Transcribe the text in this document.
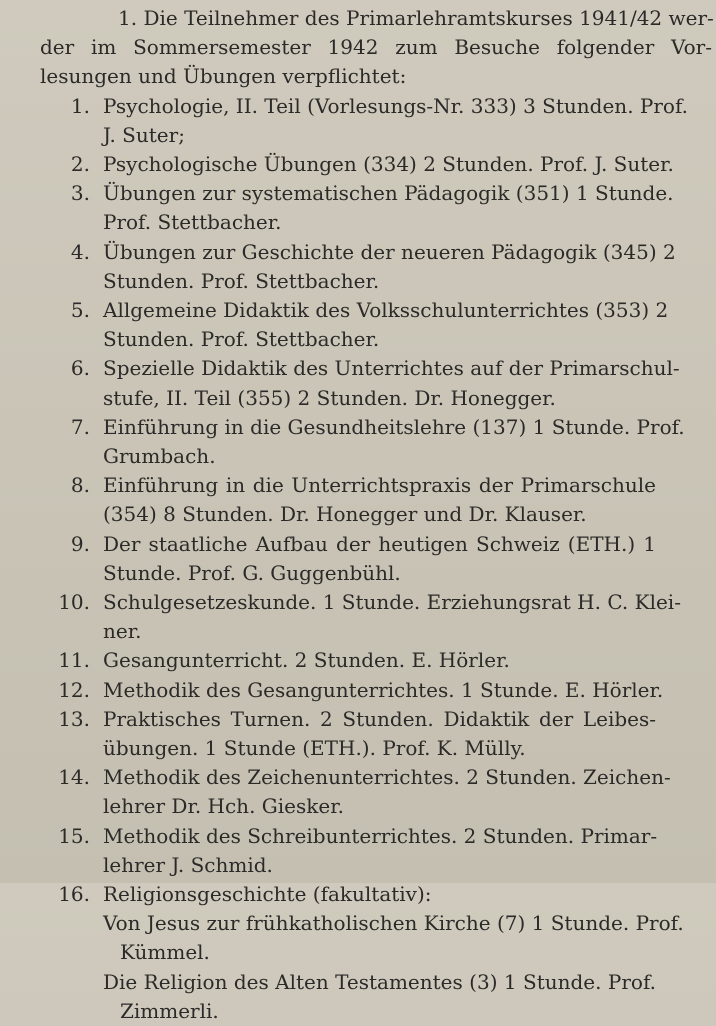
1. Die Teilnehmer des Primarlehramtskurses 1941/42 wer-
der im Sommersemester 1942 zum Besuche folgender Vor-
lesungen und Übungen verpflichtet:
1. Psychologie, II. Teil (Vorlesungs-Nr. 333) 3 Stunden. Prof.
J. Suter;
2. Psychologische Übungen (334) 2 Stunden. Prof. J. Suter.
3. Übungen zur systematischen Pädagogik (351) 1 Stunde.
Prof. Stettbacher.
4. Übungen zur Geschichte der neueren Pädagogik (345) 2
Stunden. Prof. Stettbacher.
5. Allgemeine Didaktik des Volksschulunterrichtes (353) 2
Stunden. Prof. Stettbacher.
6. Spezielle Didaktik des Unterrichtes auf der Primarschul-
stufe, II. Teil (355) 2 Stunden. Dr. Honegger.
7. Einführung in die Gesundheitslehre (137) 1 Stunde. Prof.
Grumbach.
8. Einführung in die Unterrichtspraxis der Primarschule
(354) 8 Stunden. Dr. Honegger und Dr. Klauser.
9. Der staatliche Aufbau der heutigen Schweiz (ETH.) 1
Stunde. Prof. G. Guggenbühl.
10. Schulgesetzeskunde. 1 Stunde. Erziehungsrat H. C. Klei-
ner.
11. Gesangunterricht. 2 Stunden. E. Hörler.
12. Methodik des Gesangunterrichtes. 1 Stunde. E. Hörler.
13. Praktisches Turnen. 2 Stunden. Didaktik der Leibes-
übungen. 1 Stunde (ETH.). Prof. K. Mülly.
14. Methodik des Zeichenunterrichtes. 2 Stunden. Zeichen-
lehrer Dr. Hch. Giesker.
15. Methodik des Schreibunterrichtes. 2 Stunden. Primar-
lehrer J. Schmid.
16. Religionsgeschichte (fakultativ):
Von Jesus zur frühkatholischen Kirche (7) 1 Stunde. Prof.
Kümmel.
Die Religion des Alten Testamentes (3) 1 Stunde. Prof.
Zimmerli.
